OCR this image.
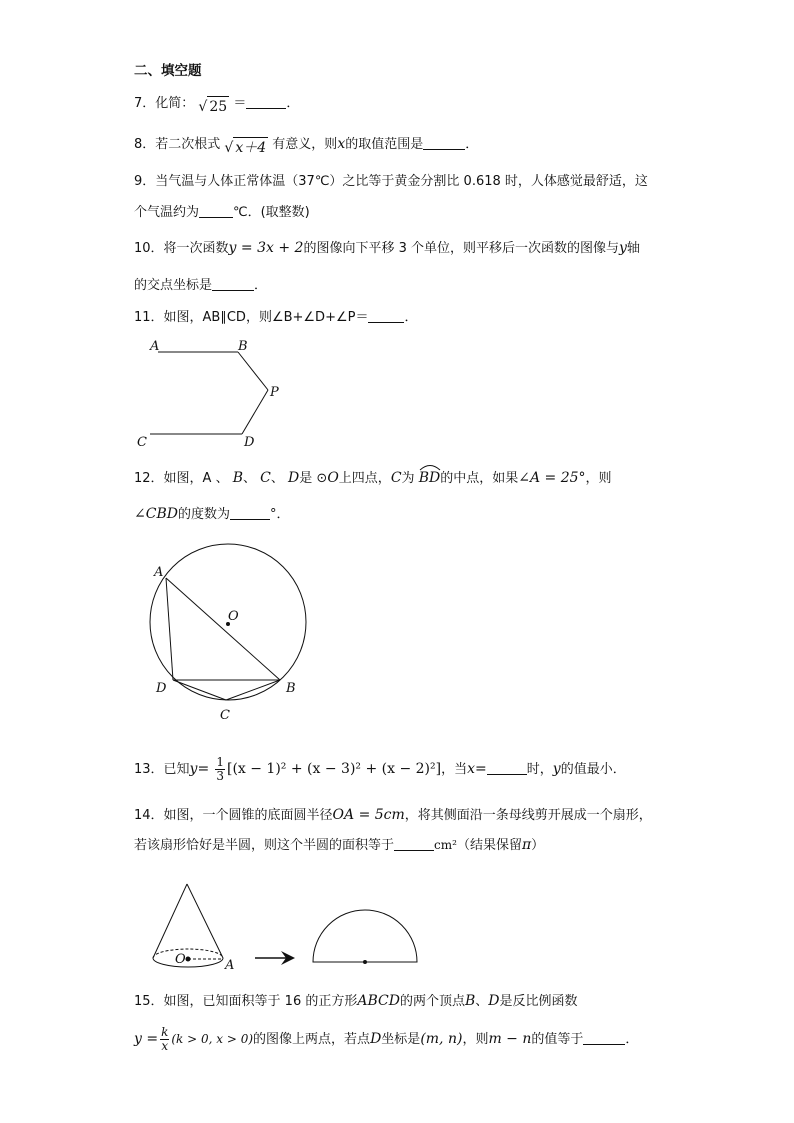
二、填空题
7．化简： √ 25 ＝	．
8．若二次根式 √ x＋4 有意义，则x的取值范围是	．
9．当气温与人体正常体温（37℃）之比等于黄金分割比 0.618 时，人体感觉最舒适，这
个气温约为	℃．(取整数)
10．将一次函数y = 3x + 2的图像向下平移 3 个单位，则平移后一次函数的图像与y轴
的交点坐标是	．
11．如图，AB∥CD，则∠B+∠D+∠P＝	．
A	B
P
C	D
12．如图，A 、 B、 C、 D是 ⊙O上四点，C为 BD的中点，如果∠A = 25°，则
∠CBD的度数为	°．
A
O
D	B
C
13．已知$y= \frac{1}{3} [(x - 1)^2 + (x - 3)^2 + (x - 2)^2]$，当x=	时，y的值最小．
14．如图，一个圆锥的底面圆半径OA = 5cm，将其侧面沿一条母线剪开展成一个扇形，
若该扇形恰好是半圆，则这个半圆的面积等于	cm²（结果保留π）
O	A
15．如图，已知面积等于 16 的正方形ABCD的两个顶点B、D是反比例函数
$y = \frac{k}{x} (k > 0$, x > 0)的图像上两点，若点D坐标是(m, n)，则m − n的值等于	．
